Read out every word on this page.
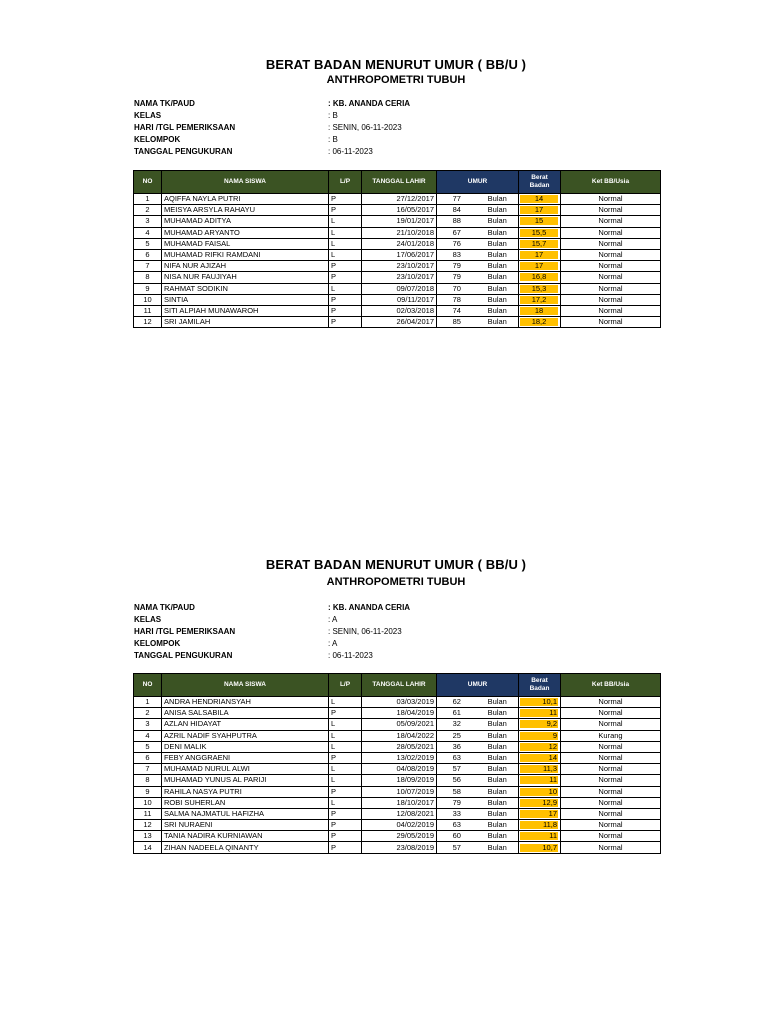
BERAT BADAN MENURUT UMUR ( BB/U )
ANTHROPOMETRI TUBUH
NAMA TK/PAUD	: KB. ANANDA CERIA
KELAS	: B
HARI /TGL PEMERIKSAAN	: SENIN, 06-11-2023
KELOMPOK	: B
TANGGAL PENGUKURAN	: 06-11-2023
NO	NAMA SISWA	L/P	TANGGAL LAHIR	UMUR		Berat
Badan	Ket BB/Usia
1	AQIFFA NAYLA PUTRI	P	27/12/2017	77	Bulan	14	Normal
2	MEISYA ARSYLA RAHAYU	P	16/05/2017	84	Bulan	17	Normal
3	MUHAMAD ADITYA	L	19/01/2017	88	Bulan	15	Normal
4	MUHAMAD ARYANTO	L	21/10/2018	67	Bulan	15,5	Normal
5	MUHAMAD FAISAL	L	24/01/2018	76	Bulan	15,7	Normal
6	MUHAMAD RIFKI RAMDANI	L	17/06/2017	83	Bulan	17	Normal
7	NIFA NUR AJIZAH	P	23/10/2017	79	Bulan	17	Normal
8	NISA NUR FAUJIYAH	P	23/10/2017	79	Bulan	16,8	Normal
9	RAHMAT SODIKIN	L	09/07/2018	70	Bulan	15,3	Normal
10	SINTIA	P	09/11/2017	78	Bulan	17,2	Normal
11	SITI ALPIAH MUNAWAROH	P	02/03/2018	74	Bulan	18	Normal
12	SRI JAMILAH	P	26/04/2017	85	Bulan	18,2	Normal
BERAT BADAN MENURUT UMUR ( BB/U )
ANTHROPOMETRI TUBUH
NAMA TK/PAUD	: KB. ANANDA CERIA
KELAS	: A
HARI /TGL PEMERIKSAAN	: SENIN, 06-11-2023
KELOMPOK	: A
TANGGAL PENGUKURAN	: 06-11-2023
NO	NAMA SISWA	L/P	TANGGAL LAHIR	UMUR		Berat
Badan	Ket BB/Usia
1	ANDRA HENDRIANSYAH	L	03/03/2019	62	Bulan	10,1	Normal
2	ANISA SALSABILA	P	18/04/2019	61	Bulan	11	Normal
3	AZLAN HIDAYAT	L	05/09/2021	32	Bulan	9,2	Normal
4	AZRIL NADIF SYAHPUTRA	L	18/04/2022	25	Bulan	9	Kurang
5	DENI MALIK	L	28/05/2021	36	Bulan	12	Normal
6	FEBY ANGGRAENI	P	13/02/2019	63	Bulan	14	Normal
7	MUHAMAD NURUL ALWI	L	04/08/2019	57	Bulan	11,3	Normal
8	MUHAMAD YUNUS AL PARIJI	L	18/09/2019	56	Bulan	11	Normal
9	RAHILA NASYA PUTRI	P	10/07/2019	58	Bulan	10	Normal
10	ROBI SUHERLAN	L	18/10/2017	79	Bulan	12,9	Normal
11	SALMA NAJMATUL HAFIZHA	P	12/08/2021	33	Bulan	17	Normal
12	SRI NURAENI	P	04/02/2019	63	Bulan	11,8	Normal
13	TANIA NADIRA KURNIAWAN	P	29/05/2019	60	Bulan	11	Normal
14	ZIHAN NADEELA QINANTY	P	23/08/2019	57	Bulan	10,7	Normal
